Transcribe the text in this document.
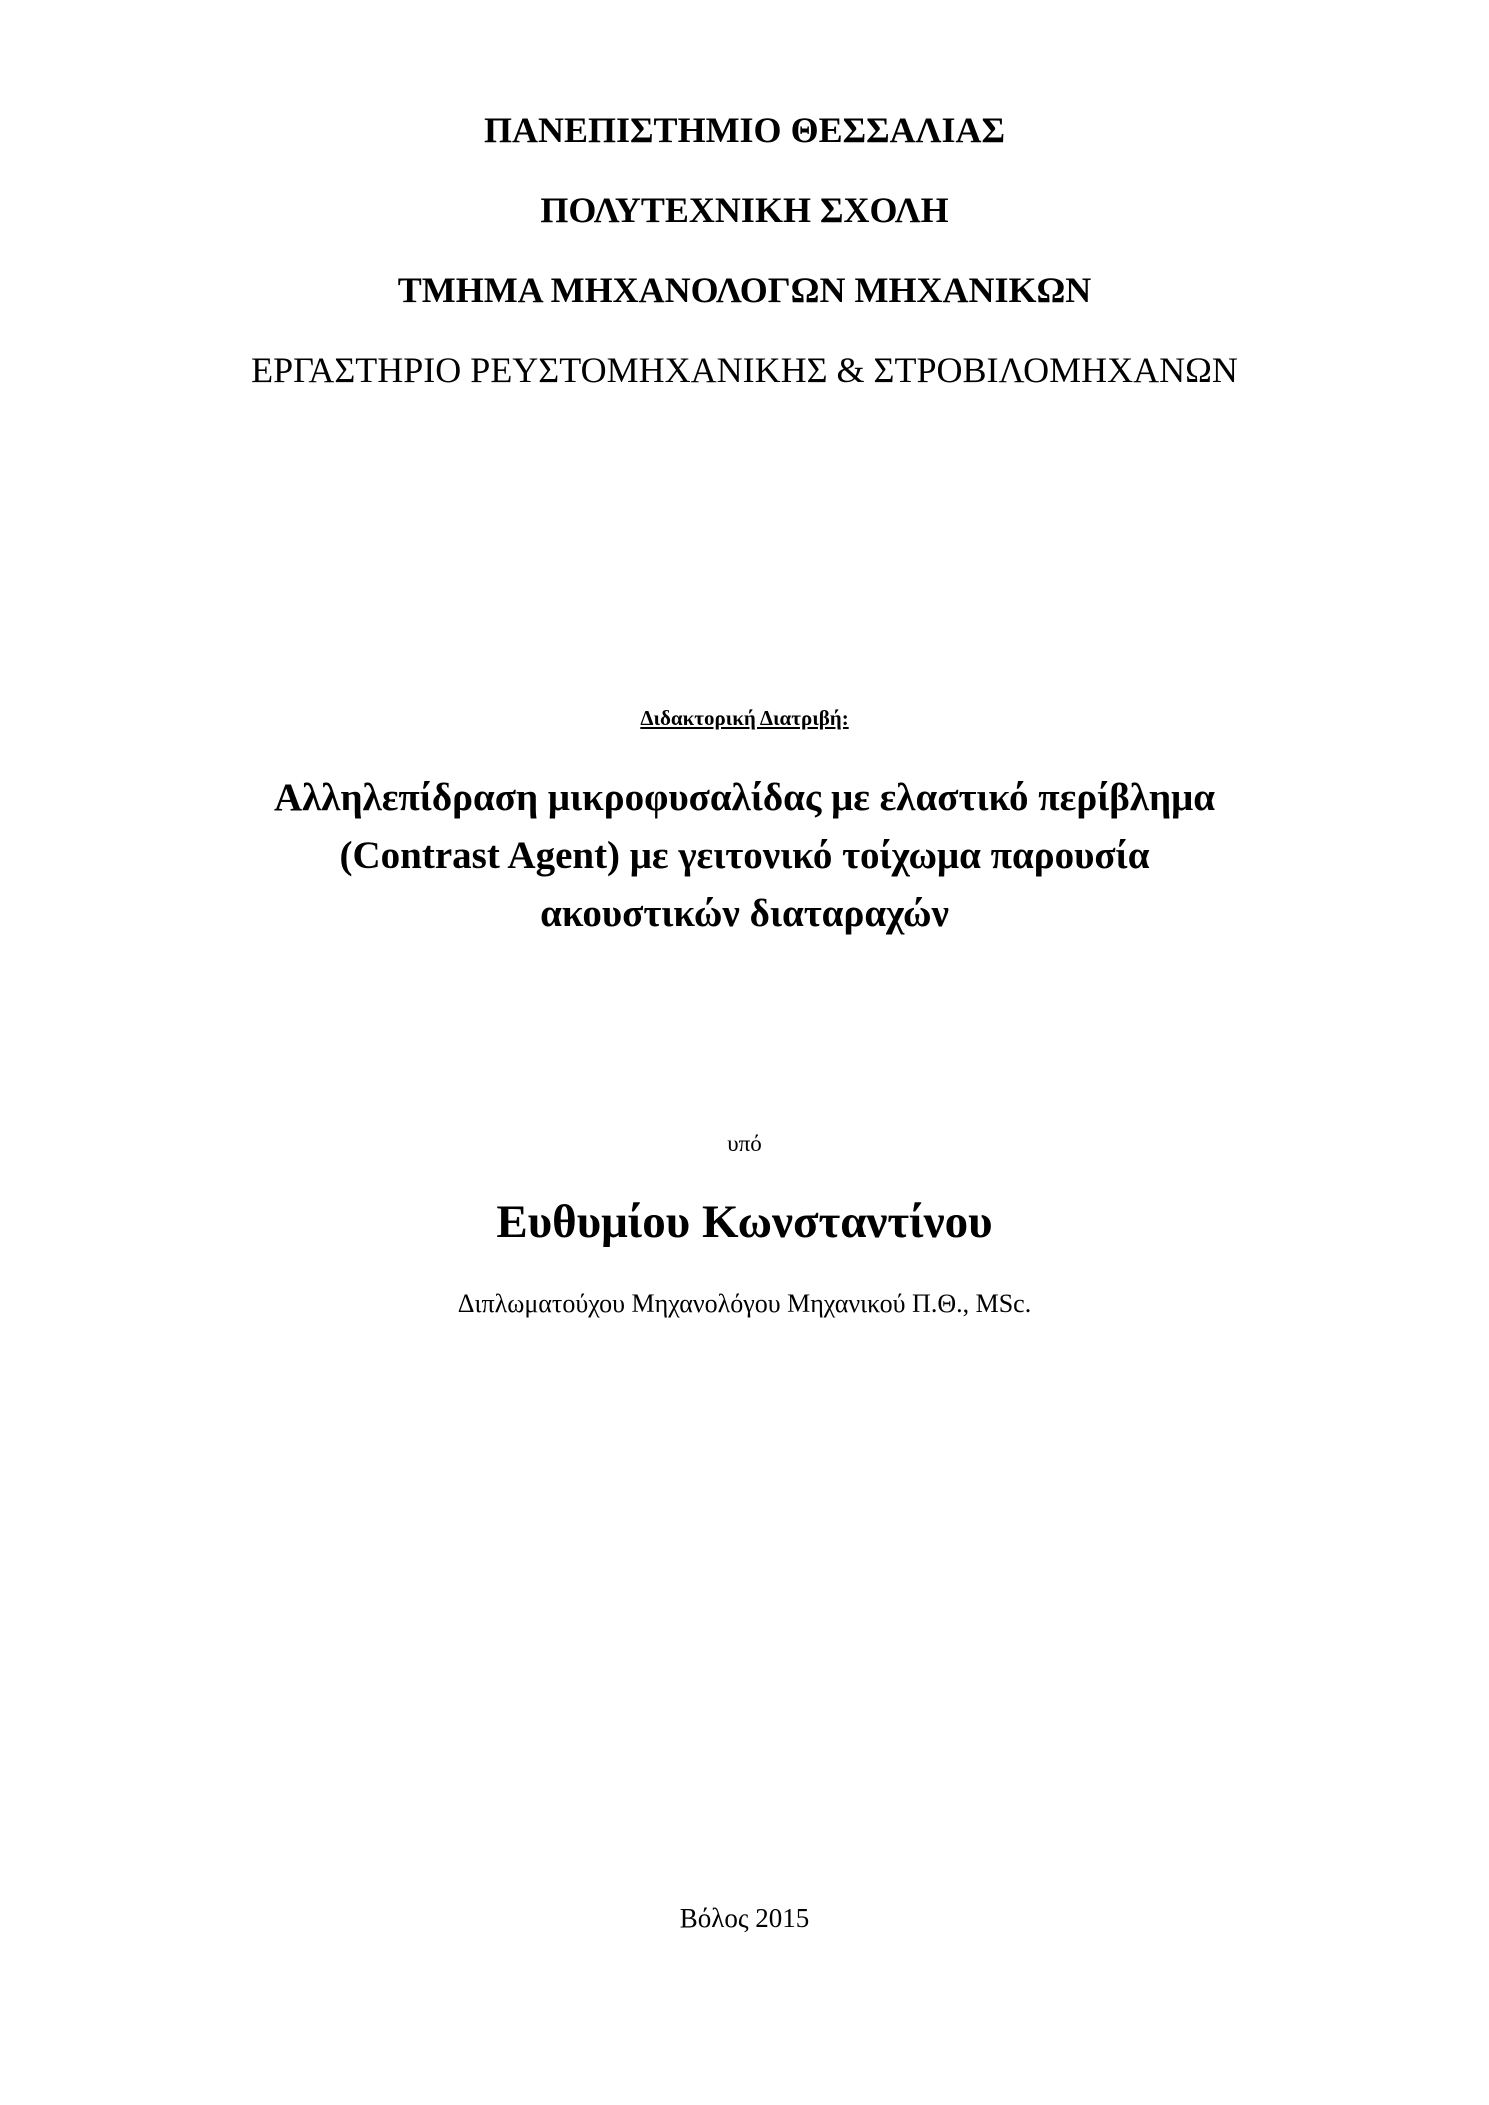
ΠΑΝΕΠΙΣΤΗΜΙΟ ΘΕΣΣΑΛΙΑΣ
ΠΟΛΥΤΕΧΝΙΚΗ ΣΧΟΛΗ
ΤΜΗΜΑ ΜΗΧΑΝΟΛΟΓΩΝ ΜΗΧΑΝΙΚΩΝ
ΕΡΓΑΣΤΗΡΙΟ ΡΕΥΣΤΟΜΗΧΑΝΙΚΗΣ & ΣΤΡΟΒΙΛΟΜΗΧΑΝΩΝ
Διδακτορική Διατριβή:
Αλληλεπίδραση μικροφυσαλίδας με ελαστικό περίβλημα
(Contrast Agent) με γειτονικό τοίχωμα παρουσία
ακουστικών διαταραχών
υπό
Ευθυμίου Κωνσταντίνου
Διπλωματούχου Μηχανολόγου Μηχανικού Π.Θ., MSc.
Βόλος 2015
